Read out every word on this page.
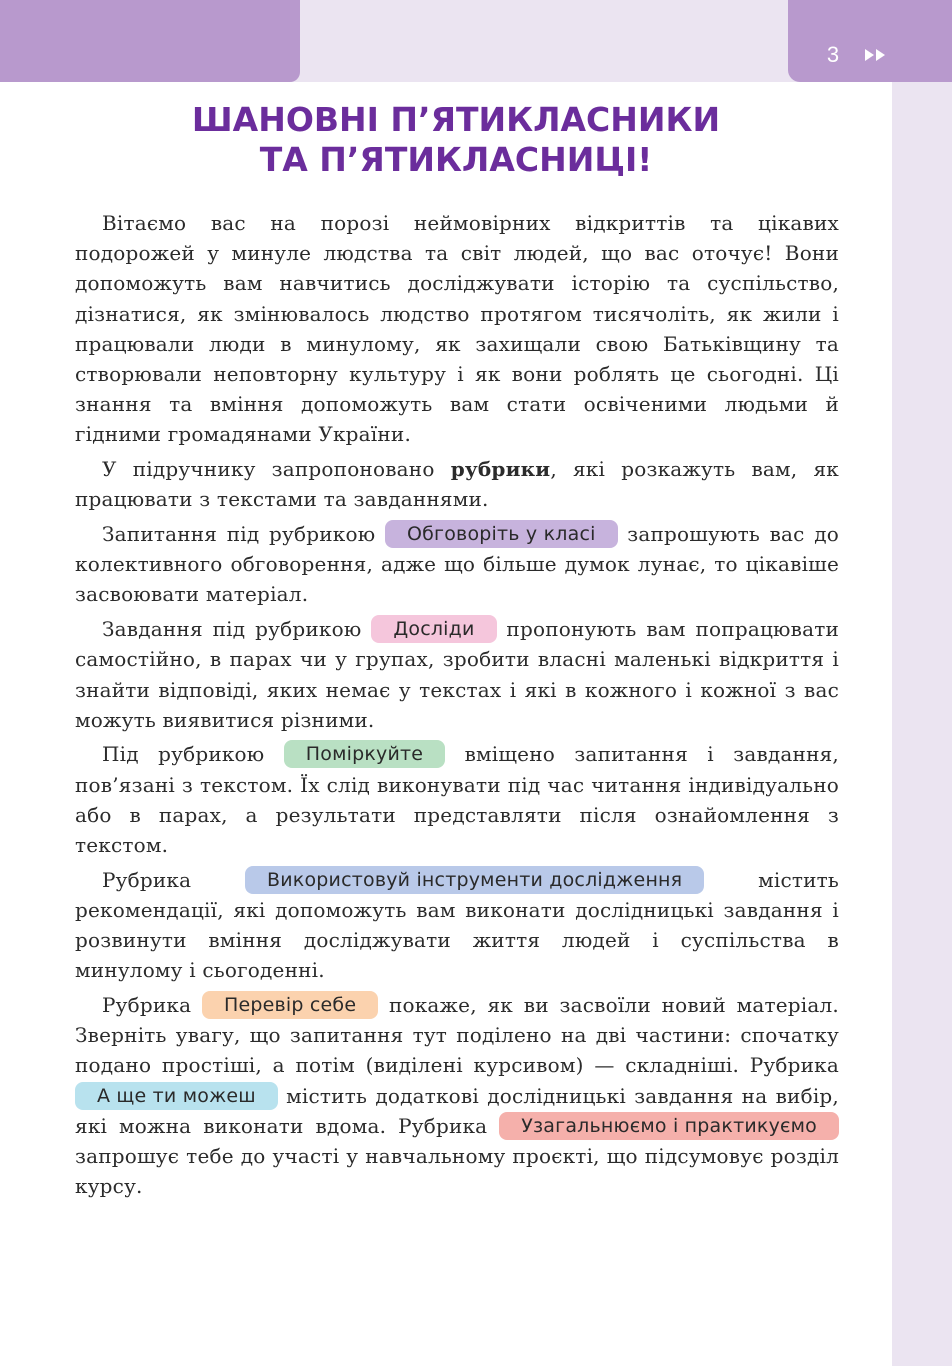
3
ШАНОВНІ П’ЯТИКЛАСНИКИ
ТА П’ЯТИКЛАСНИЦІ!

Вітаємо вас на порозі неймовірних відкриттів та цікавих подорожей у минуле людства та світ людей, що вас оточує! Вони допоможуть вам навчитись досліджувати історію та суспільство, дізнатися, як змінювалось людство протягом тисячоліть, як жили і працювали люди в минулому, як захищали свою Батьківщину та створювали неповторну культуру і як вони роблять це сьогодні. Ці знання та вміння допоможуть вам стати освіченими людьми й гідними громадянами України.

У підручнику запропоновано рубрики, які розкажуть вам, як працювати з текстами та завданнями.

Запитання під рубрикою Обговоріть у класі запрошують вас до колективного обговорення, адже що більше думок лунає, то цікавіше засвоювати матеріал.

Завдання під рубрикою Досліди пропонують вам попрацювати самостійно, в парах чи у групах, зробити власні маленькі відкриття і знайти відповіді, яких немає у текстах і які в кожного і кожної з вас можуть виявитися різними.

Під рубрикою Поміркуйте вміщено запитання і завдання, пов’язані з текстом. Їх слід виконувати під час читання індивідуально або в парах, а результати представляти після ознайомлення з текстом.

Рубрика Використовуй інструменти дослідження містить рекомендації, які допоможуть вам виконати дослідницькі завдання і розвинути вміння досліджувати життя людей і суспільства в минулому і сьогоденні.

Рубрика Перевір себе покаже, як ви засвоїли новий матеріал. Зверніть увагу, що запитання тут поділено на дві частини: спочатку подано простіші, а потім (виділені курсивом) — складніші. Рубрика А ще ти можеш містить додаткові дослідницькі завдання на вибір, які можна виконати вдома. Рубрика Узагальнюємо і практикуємо запрошує тебе до участі у навчальному проєкті, що підсумовує розділ курсу.
